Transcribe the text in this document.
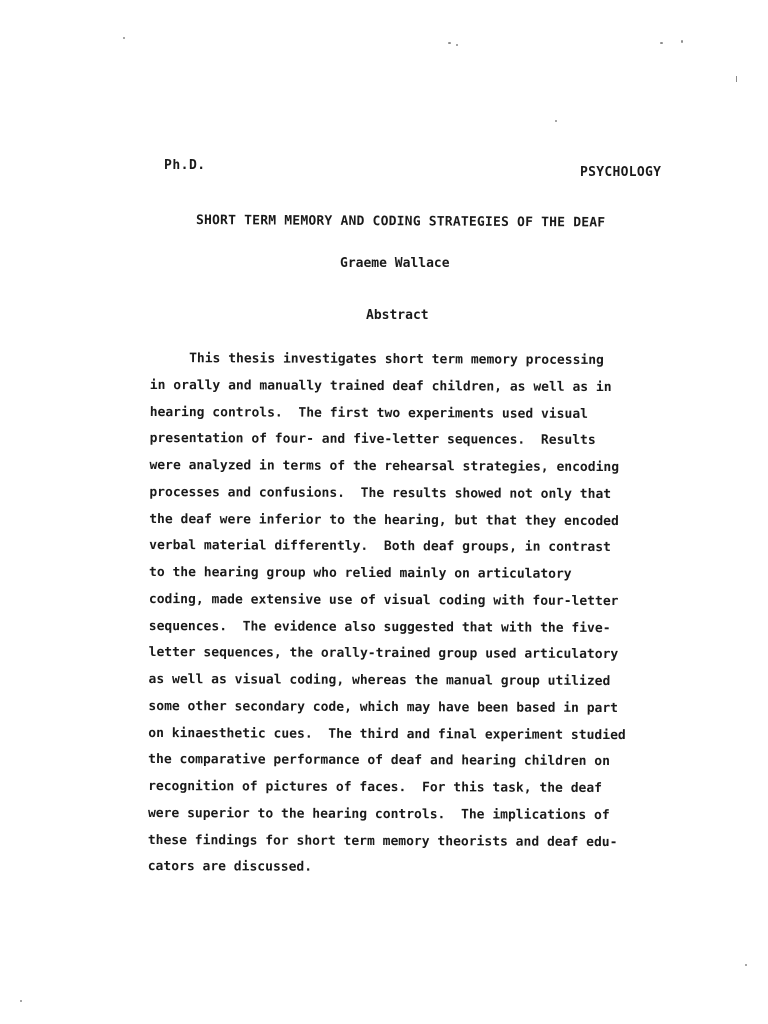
Ph.D.	PSYCHOLOGY
SHORT TERM MEMORY AND CODING STRATEGIES OF THE DEAF
Graeme Wallace
Abstract
This thesis investigates short term memory processing
in orally and manually trained deaf children, as well as in
hearing controls.  The first two experiments used visual
presentation of four- and five-letter sequences.  Results
were analyzed in terms of the rehearsal strategies, encoding
processes and confusions.  The results showed not only that
the deaf were inferior to the hearing, but that they encoded
verbal material differently.  Both deaf groups, in contrast
to the hearing group who relied mainly on articulatory
coding, made extensive use of visual coding with four-letter
sequences.  The evidence also suggested that with the five-
letter sequences, the orally-trained group used articulatory
as well as visual coding, whereas the manual group utilized
some other secondary code, which may have been based in part
on kinaesthetic cues.  The third and final experiment studied
the comparative performance of deaf and hearing children on
recognition of pictures of faces.  For this task, the deaf
were superior to the hearing controls.  The implications of
these findings for short term memory theorists and deaf edu-
cators are discussed.
